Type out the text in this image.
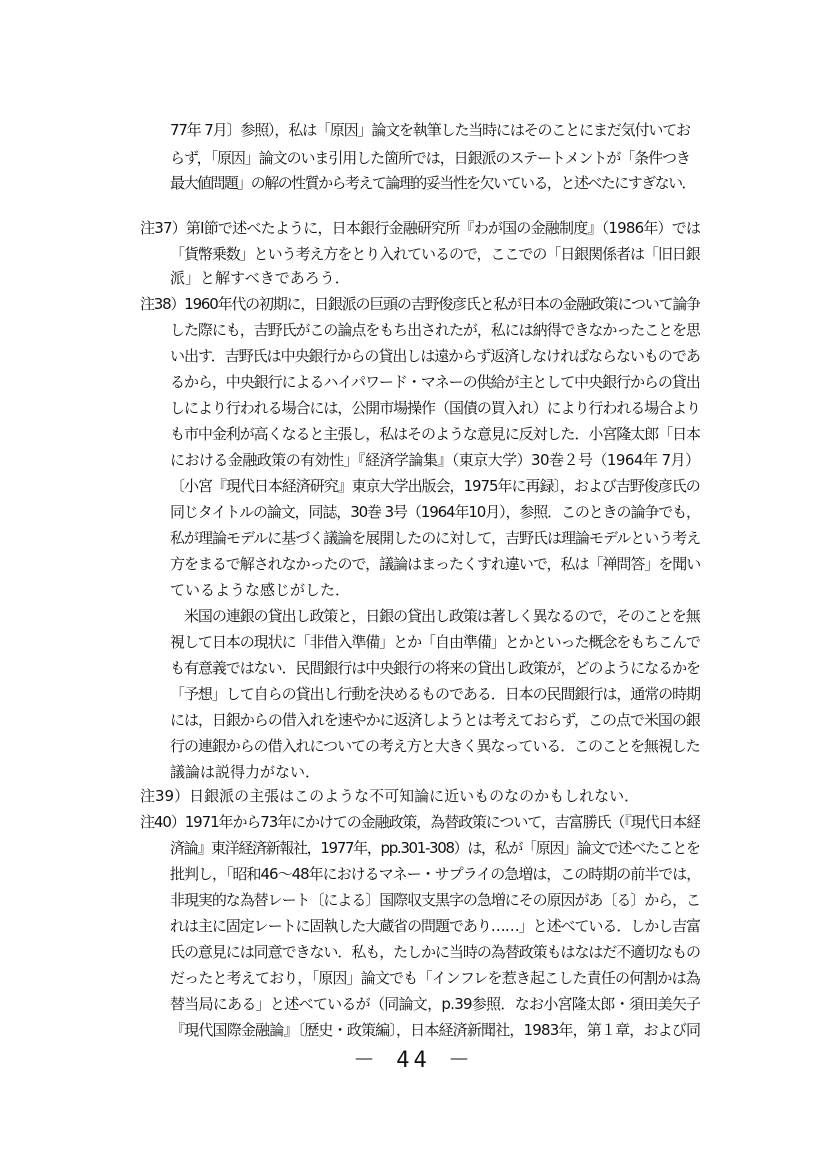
77年 7月〕参照），私は「原因」論文を執筆した当時にはそのことにまだ気付いてお
らず，「原因」論文のいま引用した箇所では，日銀派のステートメントが「条件つき
最大値問題」の解の性質から考えて論理的妥当性を欠いている，と述べたにすぎない．
注37）第Ⅰ節で述べたように，日本銀行金融研究所『わが国の金融制度』（1986年）では
「貨幣乗数」という考え方をとり入れているので，ここでの「日銀関係者は「旧日銀
派」と解すべきであろう．
注38）1960年代の初期に，日銀派の巨頭の吉野俊彦氏と私が日本の金融政策について論争
した際にも，吉野氏がこの論点をもち出されたが，私には納得できなかったことを思
い出す．吉野氏は中央銀行からの貸出しは遠からず返済しなければならないものであ
るから，中央銀行によるハイパワード・マネーの供給が主として中央銀行からの貸出
しにより行われる場合には，公開市場操作（国債の買入れ）により行われる場合より
も市中金利が高くなると主張し，私はそのような意見に反対した．小宮隆太郎「日本
における金融政策の有効性」『経済学論集』（東京大学）30巻２号（1964年 7月）
〔小宮『現代日本経済研究』東京大学出版会，1975年に再録〕，および吉野俊彦氏の
同じタイトルの論文，同誌，30巻 3号（1964年10月），参照．このときの論争でも，
私が理論モデルに基づく議論を展開したのに対して，吉野氏は理論モデルという考え
方をまるで解されなかったので，議論はまったくすれ違いで，私は「禅問答」を聞い
ているような感じがした．
　米国の連銀の貸出し政策と，日銀の貸出し政策は著しく異なるので，そのことを無
視して日本の現状に「非借入準備」とか「自由準備」とかといった概念をもちこんで
も有意義ではない．民間銀行は中央銀行の将来の貸出し政策が，どのようになるかを
「予想」して自らの貸出し行動を決めるものである．日本の民間銀行は，通常の時期
には，日銀からの借入れを速やかに返済しようとは考えておらず，この点で米国の銀
行の連銀からの借入れについての考え方と大きく異なっている．このことを無視した
議論は説得力がない．
注39）日銀派の主張はこのような不可知論に近いものなのかもしれない．
注40）1971年から73年にかけての金融政策，為替政策について，吉富勝氏（『現代日本経
済論』東洋経済新報社，1977年，pp.301-308）は，私が「原因」論文で述べたことを
批判し，「昭和46～48年におけるマネー・サプライの急増は，この時期の前半では，
非現実的な為替レート〔による〕国際収支黒字の急増にその原因があ〔る〕から，こ
れは主に固定レートに固執した大蔵省の問題であり……」と述べている．しかし吉富
氏の意見には同意できない．私も，たしかに当時の為替政策もはなはだ不適切なもの
だったと考えており，「原因」論文でも「インフレを惹き起こした責任の何割かは為
替当局にある」と述べているが（同論文，p.39参照．なお小宮隆太郎・須田美矢子
『現代国際金融論』〔歴史・政策編〕，日本経済新聞社，1983年，第１章，および同
－ 44 －
